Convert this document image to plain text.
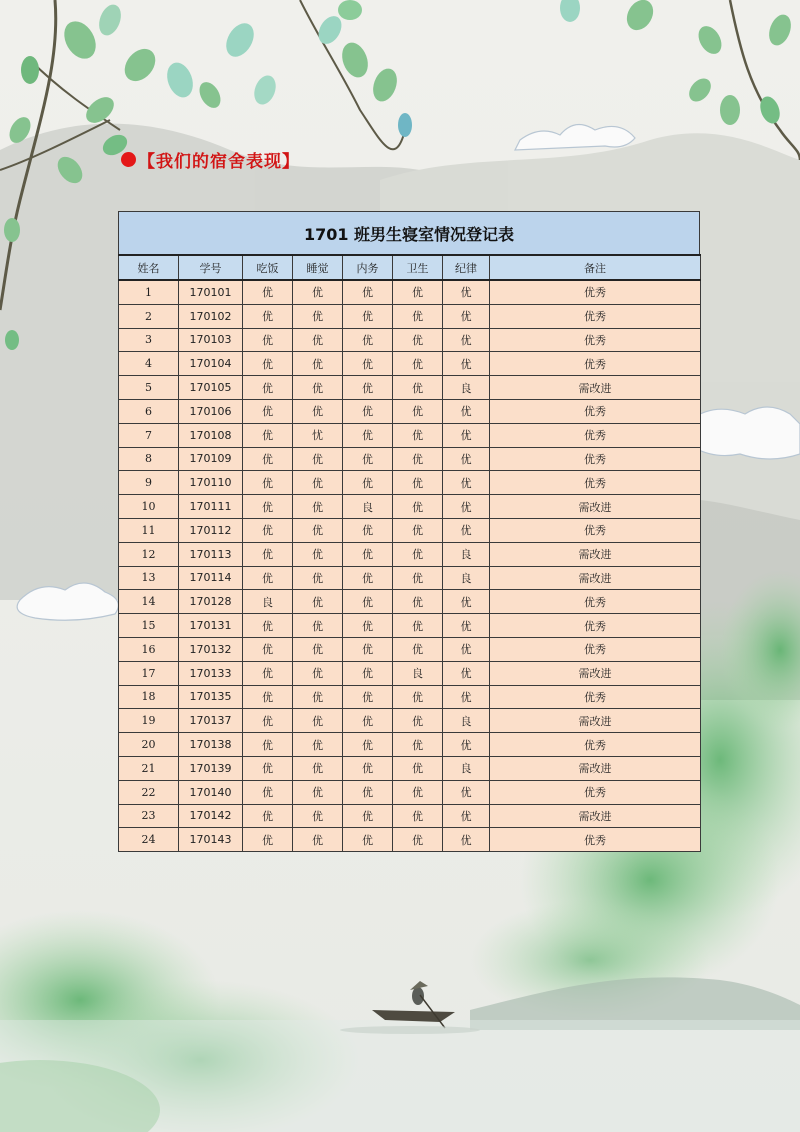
【我们的宿舍表现】
1701 班男生寝室情况登记表
姓名	学号	吃饭	睡觉	内务	卫生	纪律	备注
1	170101	优	优	优	优	优	优秀
2	170102	优	优	优	优	优	优秀
3	170103	优	优	优	优	优	优秀
4	170104	优	优	优	优	优	优秀
5	170105	优	优	优	优	良	需改进
6	170106	优	优	优	优	优	优秀
7	170108	优	忧	优	优	优	优秀
8	170109	优	优	优	优	优	优秀
9	170110	优	优	优	优	优	优秀
10	170111	优	优	良	优	优	需改进
11	170112	优	优	优	优	优	优秀
12	170113	优	优	优	优	良	需改进
13	170114	优	优	优	优	良	需改进
14	170128	良	优	优	优	优	优秀
15	170131	优	优	优	优	优	优秀
16	170132	优	优	优	优	优	优秀
17	170133	优	优	优	良	优	需改进
18	170135	优	优	优	优	优	优秀
19	170137	优	优	优	优	良	需改进
20	170138	优	优	优	优	优	优秀
21	170139	优	优	优	优	良	需改进
22	170140	优	优	优	优	优	优秀
23	170142	优	优	优	优	优	需改进
24	170143	优	优	优	优	优	优秀
